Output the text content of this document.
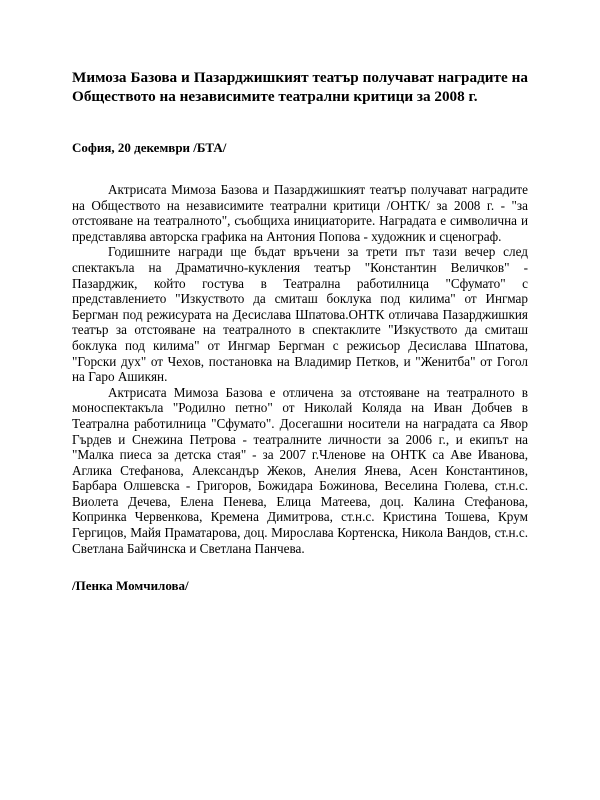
Мимоза Базова и Пазарджишкият театър получават наградите на Обществото на независимите театрални критици за 2008 г.

София, 20 декември /БТА/

Актрисата Мимоза Базова и Пазарджишкият театър получават наградите на Обществото на независимите театрални критици /ОНТК/ за 2008 г. - "за отстояване на театралното", съобщиха инициаторите. Наградата е символична и представлява авторска графика на Антония Попова - художник и сценограф.

Годишните награди ще бъдат връчени за трети път тази вечер след спектакъла на Драматично-кукления театър "Константин Величков" - Пазарджик, който гостува в Театрална работилница "Сфумато" с представлението "Изкуството да смиташ боклука под килима" от Ингмар Бергман под режисурата на Десислава Шпатова.ОНТК отличава Пазарджишкия театър за отстояване на театралното в спектаклите "Изкуството да смиташ боклука под килима" от Ингмар Бергман с режисьор Десислава Шпатова, "Горски дух" от Чехов, постановка на Владимир Петков, и "Женитба" от Гогол на Гаро Ашикян.

Актрисата Мимоза Базова е отличена за отстояване на театралното в моноспектакъла "Родилно петно" от Николай Коляда на Иван Добчев в Театрална работилница "Сфумато". Досегашни носители на наградата са Явор Гърдев и Снежина Петрова - театралните личности за 2006 г., и екипът на "Малка пиеса за детска стая" - за 2007 г.Членове на ОНТК са Аве Иванова, Аглика Стефанова, Александър Жеков, Анелия Янева, Асен Константинов, Барбара Олшевска - Григоров, Божидара Божинова, Веселина Гюлева, ст.н.с. Виолета Дечева, Елена Пенева, Елица Матеева, доц. Калина Стефанова, Копринка Червенкова, Кремена Димитрова, ст.н.с. Кристина Тошева, Крум Гергицов, Майя Праматарова, доц. Мирослава Кортенска, Никола Вандов, ст.н.с. Светлана Байчинска и Светлана Панчева.

/Пенка Момчилова/
